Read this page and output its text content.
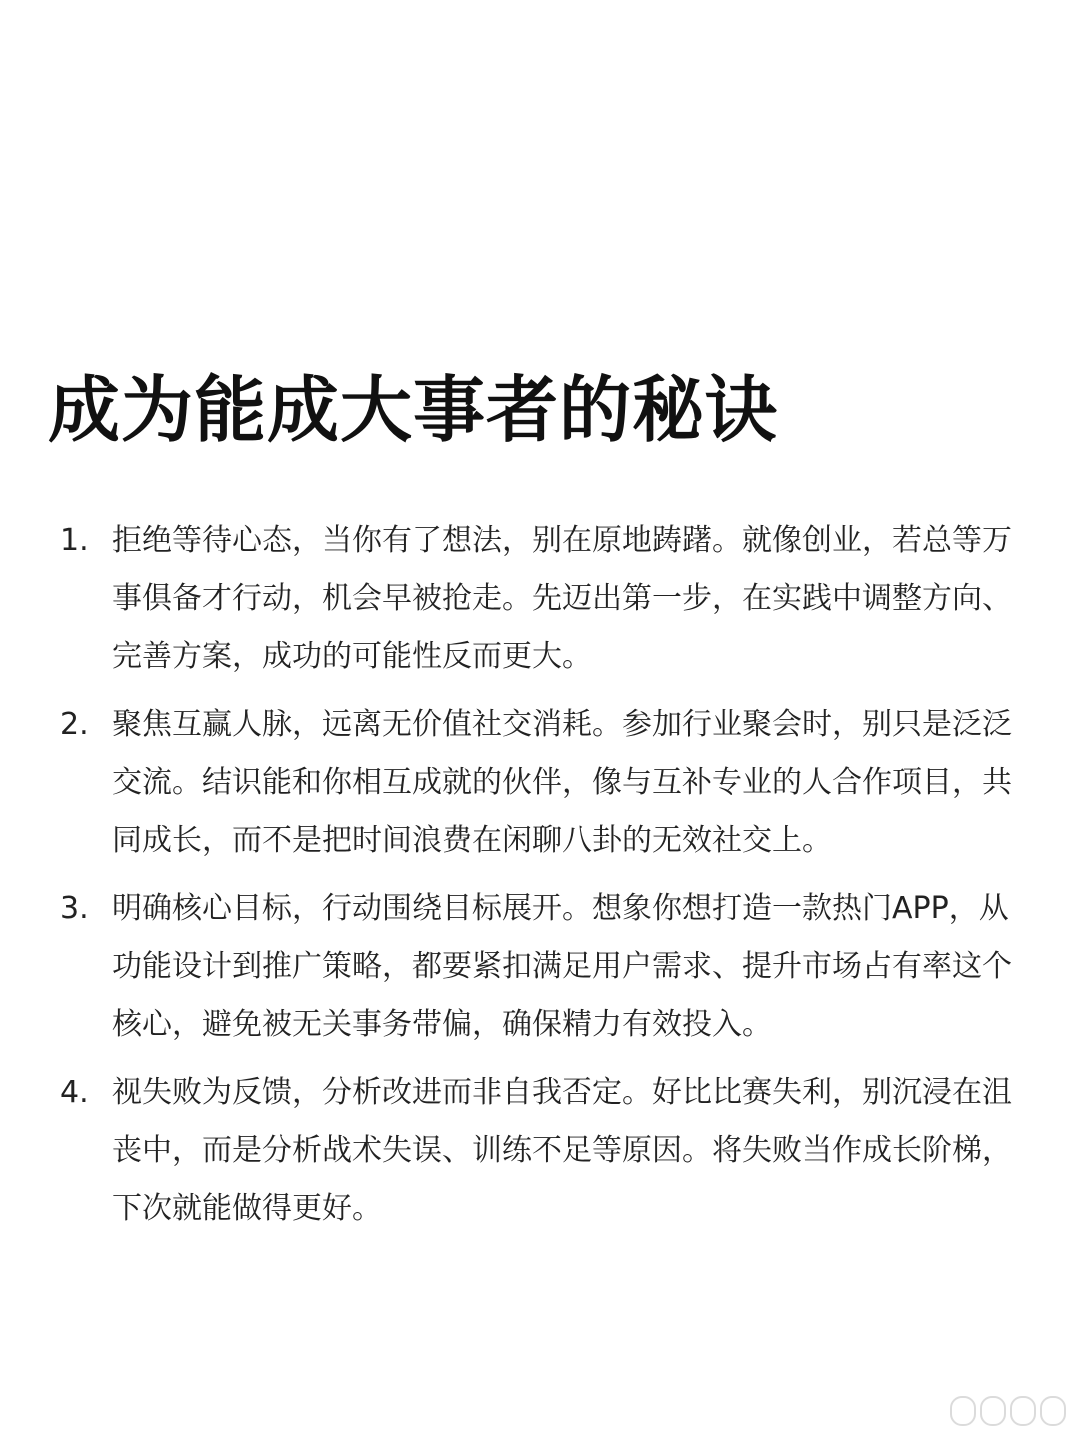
成为能成大事者的秘诀
1. 拒绝等待心态，当你有了想法，别在原地踌躇。就像创业，若总等万事俱备才行动，机会早被抢走。先迈出第一步，在实践中调整方向、完善方案，成功的可能性反而更大。
2. 聚焦互赢人脉，远离无价值社交消耗。参加行业聚会时，别只是泛泛交流。结识能和你相互成就的伙伴，像与互补专业的人合作项目，共同成长，而不是把时间浪费在闲聊八卦的无效社交上。
3. 明确核心目标，行动围绕目标展开。想象你想打造一款热门APP，从功能设计到推广策略，都要紧扣满足用户需求、提升市场占有率这个核心，避免被无关事务带偏，确保精力有效投入。
4. 视失败为反馈，分析改进而非自我否定。好比比赛失利，别沉浸在沮丧中，而是分析战术失误、训练不足等原因。将失败当作成长阶梯，下次就能做得更好。
